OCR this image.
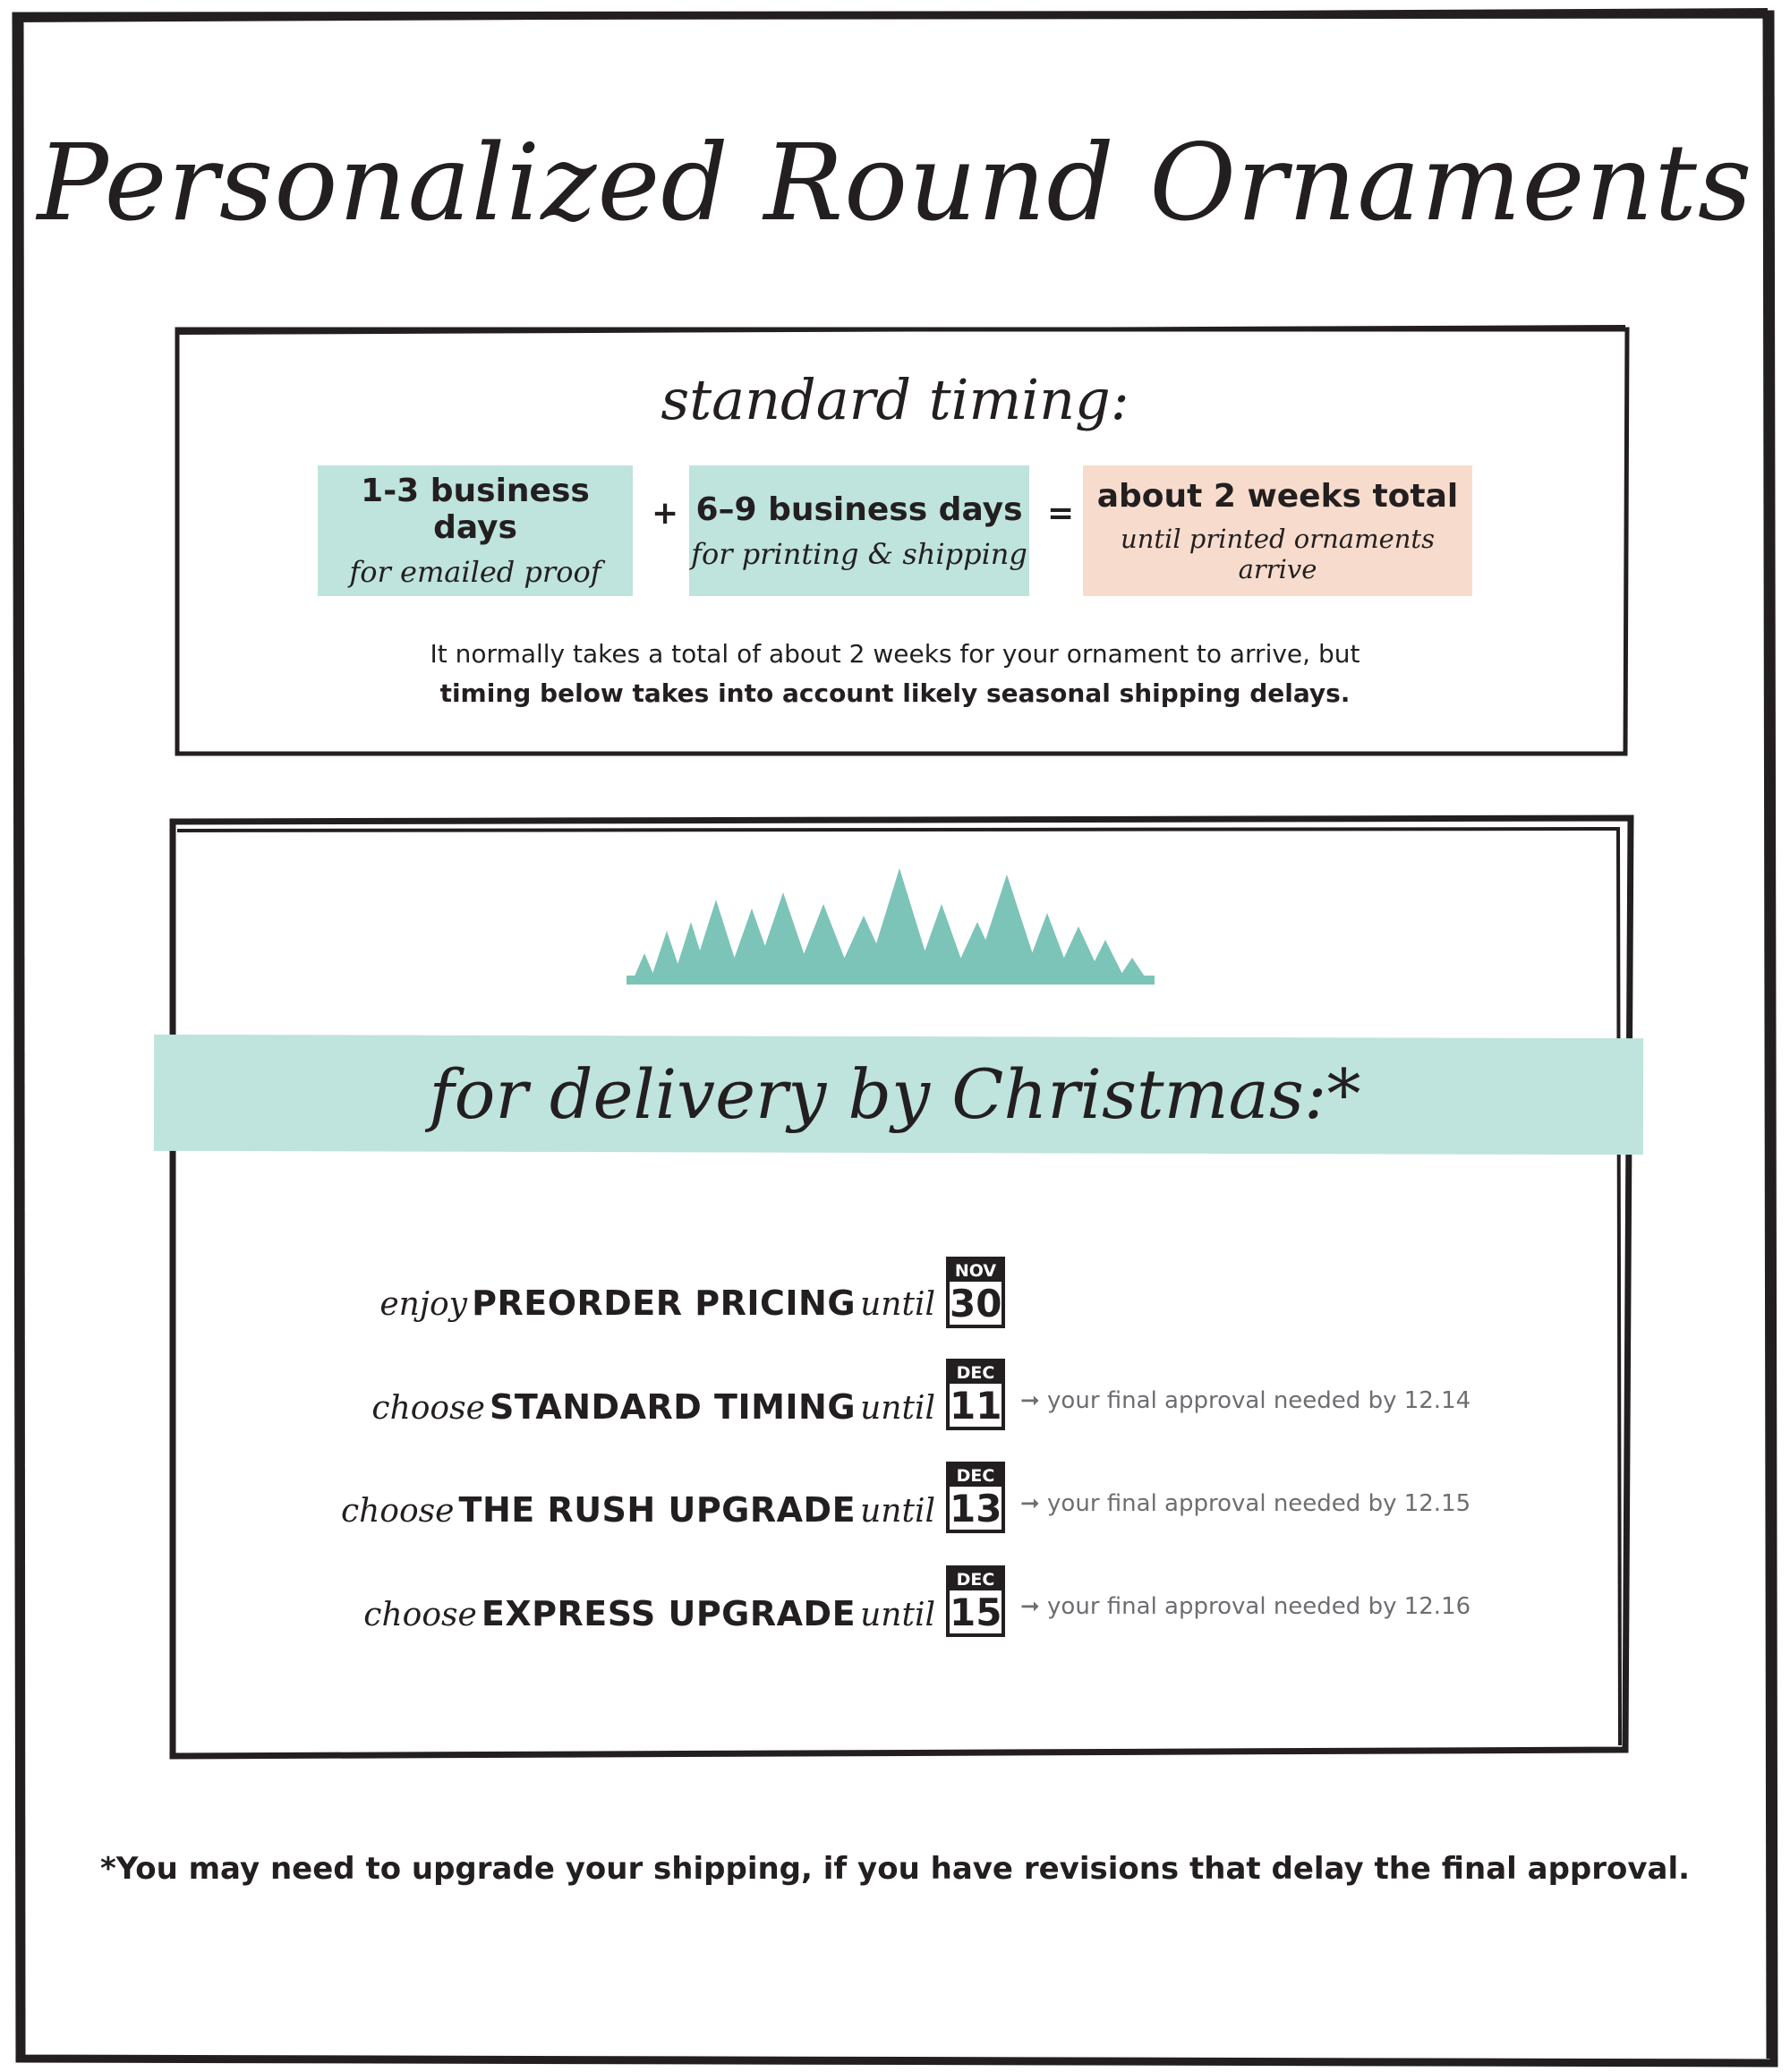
Personalized Round Ornaments
standard timing:
1-3 business days
for emailed proof
+ 6–9 business days
for printing & shipping
= about 2 weeks total
until printed ornaments arrive
It normally takes a total of about 2 weeks for your ornament to arrive, but
timing below takes into account likely seasonal shipping delays.
for delivery by Christmas:*
enjoy PREORDER PRICING until
NOV
30
choose STANDARD TIMING until
DEC
11 ➞ your final approval needed by 12.14
choose THE RUSH UPGRADE until
DEC
13 ➞ your final approval needed by 12.15
choose EXPRESS UPGRADE until
DEC
15 ➞ your final approval needed by 12.16
*You may need to upgrade your shipping, if you have revisions that delay the final approval.
